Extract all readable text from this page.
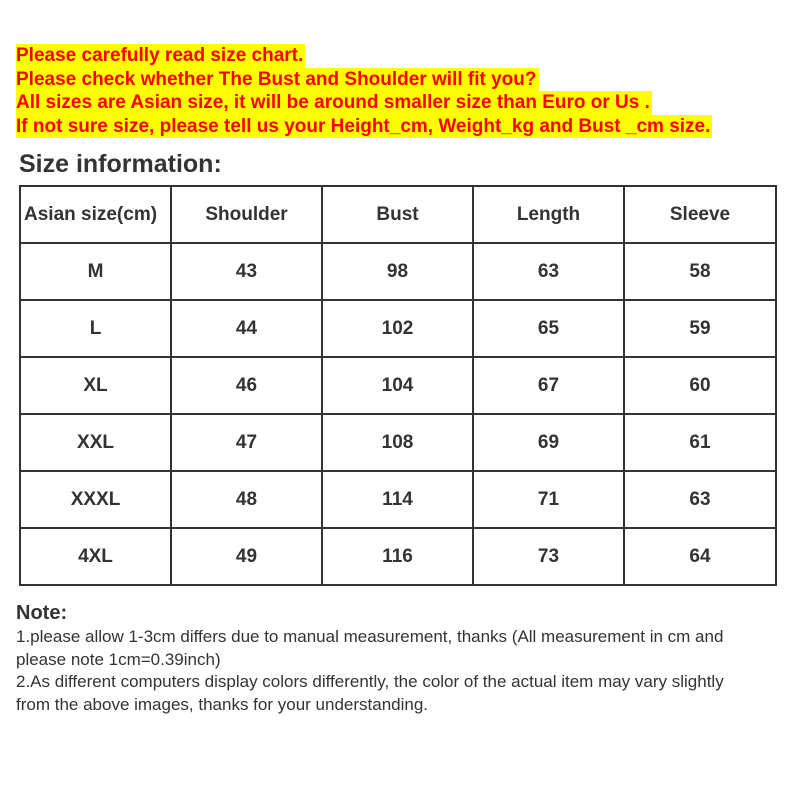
Please carefully read size chart.
Please check whether The Bust and Shoulder will fit you?
All sizes are Asian size, it will be around smaller size than Euro or Us .
If not sure size, please tell us your Height_cm, Weight_kg and Bust _cm size.
Size information:
Asian size(cm)	Shoulder	Bust	Length	Sleeve
M	43	98	63	58
L	44	102	65	59
XL	46	104	67	60
XXL	47	108	69	61
XXXL	48	114	71	63
4XL	49	116	73	64
Note:
1.please allow 1-3cm differs due to manual measurement, thanks (All measurement in cm and
please note 1cm=0.39inch)
2.As different computers display colors differently, the color of the actual item may vary slightly
from the above images, thanks for your understanding.
